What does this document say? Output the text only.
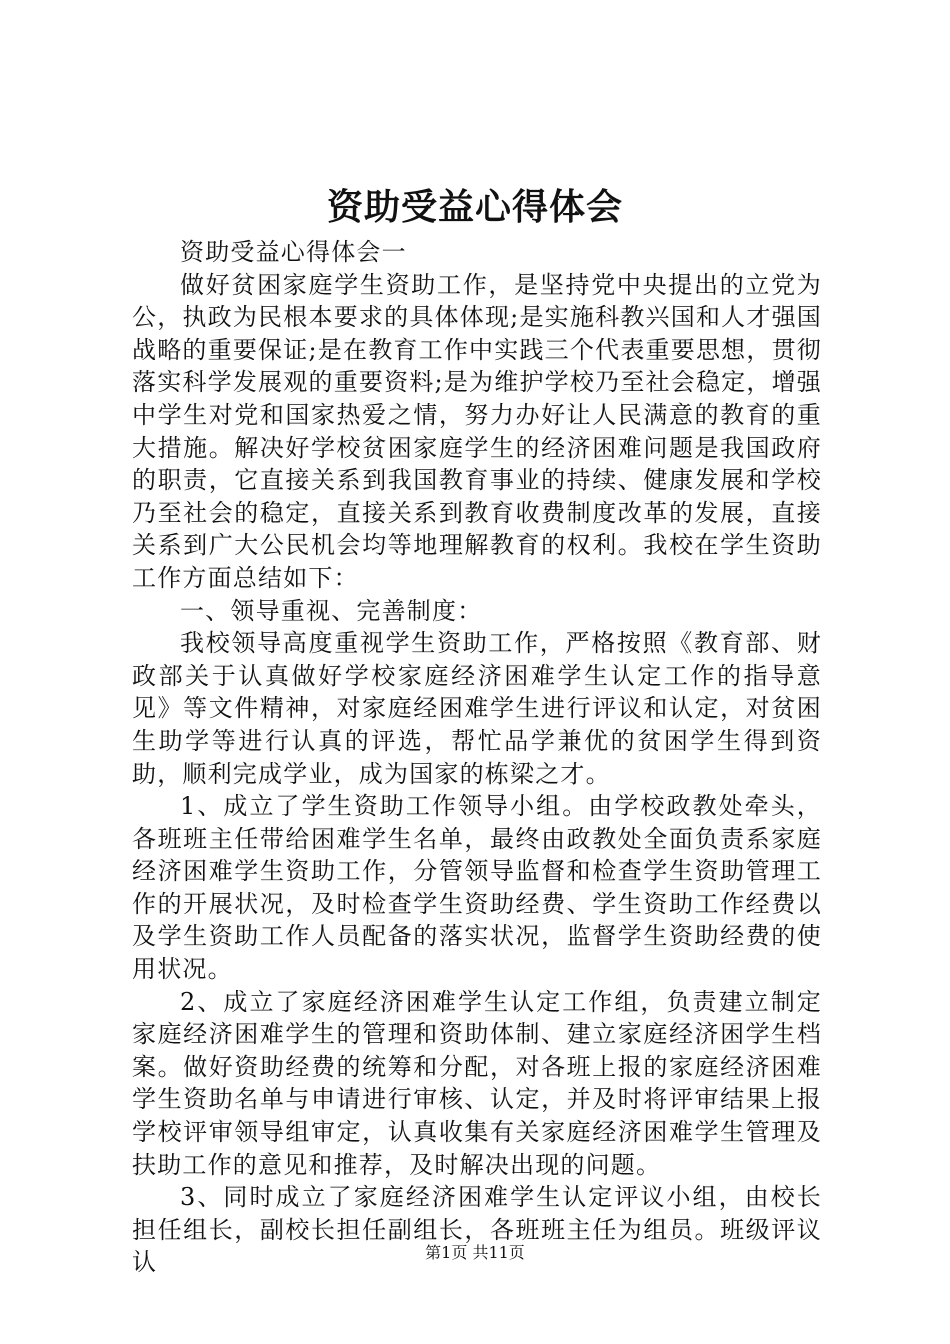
资助受益心得体会

资助受益心得体会一

做好贫困家庭学生资助工作，是坚持党中央提出的立党为公，执政为民根本要求的具体体现;是实施科教兴国和人才强国战略的重要保证;是在教育工作中实践三个代表重要思想，贯彻落实科学发展观的重要资料;是为维护学校乃至社会稳定，增强中学生对党和国家热爱之情，努力办好让人民满意的教育的重大措施。解决好学校贫困家庭学生的经济困难问题是我国政府的职责，它直接关系到我国教育事业的持续、健康发展和学校乃至社会的稳定，直接关系到教育收费制度改革的发展，直接关系到广大公民机会均等地理解教育的权利。我校在学生资助工作方面总结如下：

一、领导重视、完善制度：

我校领导高度重视学生资助工作，严格按照《教育部、财政部关于认真做好学校家庭经济困难学生认定工作的指导意见》等文件精神，对家庭经困难学生进行评议和认定，对贫困生助学等进行认真的评选，帮忙品学兼优的贫困学生得到资助，顺利完成学业，成为国家的栋梁之才。

1、成立了学生资助工作领导小组。由学校政教处牵头，各班班主任带给困难学生名单，最终由政教处全面负责系家庭经济困难学生资助工作，分管领导监督和检查学生资助管理工作的开展状况，及时检查学生资助经费、学生资助工作经费以及学生资助工作人员配备的落实状况，监督学生资助经费的使用状况。

2、成立了家庭经济困难学生认定工作组，负责建立制定家庭经济困难学生的管理和资助体制、建立家庭经济困学生档案。做好资助经费的统筹和分配，对各班上报的家庭经济困难学生资助名单与申请进行审核、认定，并及时将评审结果上报学校评审领导组审定，认真收集有关家庭经济困难学生管理及扶助工作的意见和推荐，及时解决出现的问题。

3、同时成立了家庭经济困难学生认定评议小组，由校长担任组长，副校长担任副组长，各班班主任为组员。班级评议认	第1页 共11页
